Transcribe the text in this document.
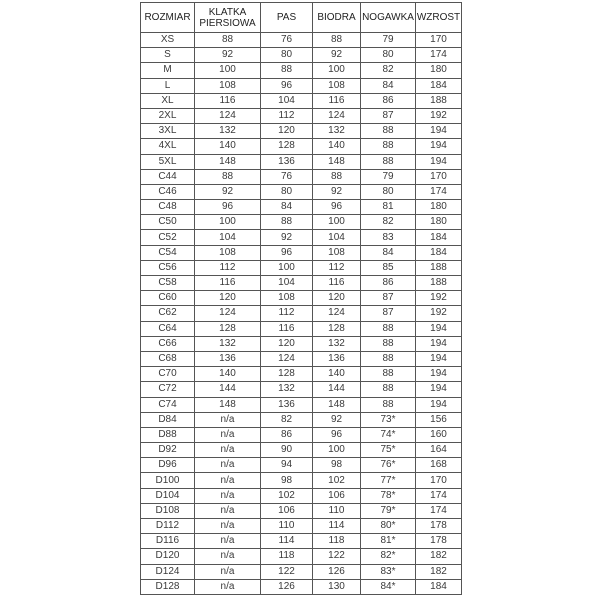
ROZMIAR	KLATKA PIERSIOWA	PAS	BIODRA	NOGAWKA	WZROST
XS	88	76	88	79	170
S	92	80	92	80	174
M	100	88	100	82	180
L	108	96	108	84	184
XL	116	104	116	86	188
2XL	124	112	124	87	192
3XL	132	120	132	88	194
4XL	140	128	140	88	194
5XL	148	136	148	88	194
C44	88	76	88	79	170
C46	92	80	92	80	174
C48	96	84	96	81	180
C50	100	88	100	82	180
C52	104	92	104	83	184
C54	108	96	108	84	184
C56	112	100	112	85	188
C58	116	104	116	86	188
C60	120	108	120	87	192
C62	124	112	124	87	192
C64	128	116	128	88	194
C66	132	120	132	88	194
C68	136	124	136	88	194
C70	140	128	140	88	194
C72	144	132	144	88	194
C74	148	136	148	88	194
D84	n/a	82	92	73*	156
D88	n/a	86	96	74*	160
D92	n/a	90	100	75*	164
D96	n/a	94	98	76*	168
D100	n/a	98	102	77*	170
D104	n/a	102	106	78*	174
D108	n/a	106	110	79*	174
D112	n/a	110	114	80*	178
D116	n/a	114	118	81*	178
D120	n/a	118	122	82*	182
D124	n/a	122	126	83*	182
D128	n/a	126	130	84*	184
